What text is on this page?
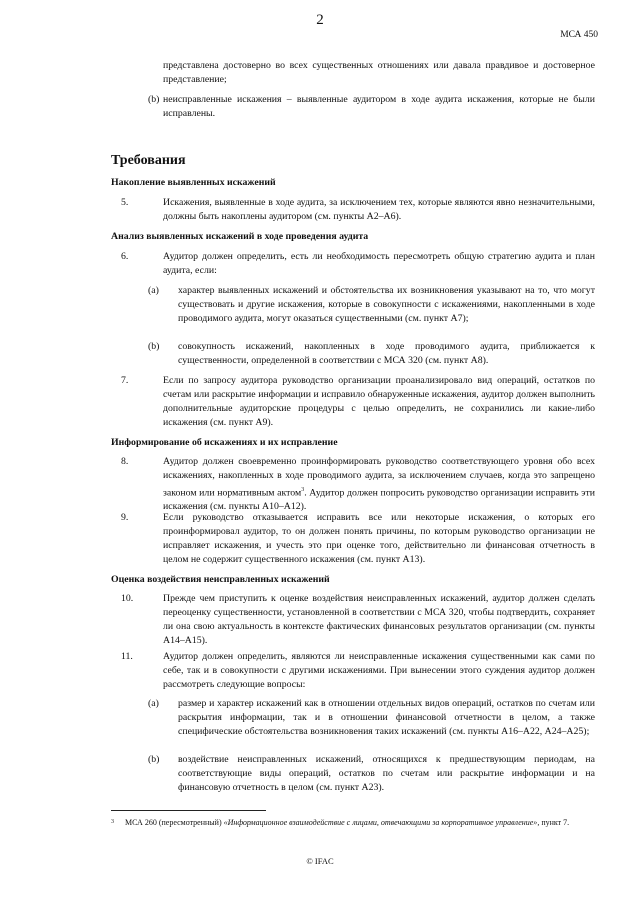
2
МСА 450
представлена достоверно во всех существенных отношениях или давала правдивое и достоверное представление;
(b) неисправленные искажения – выявленные аудитором в ходе аудита искажения, которые не были исправлены.
Требования
Накопление выявленных искажений
5.	Искажения, выявленные в ходе аудита, за исключением тех, которые являются явно незначительными, должны быть накоплены аудитором (см. пункты А2–А6).
Анализ выявленных искажений в ходе проведения аудита
6.	Аудитор должен определить, есть ли необходимость пересмотреть общую стратегию аудита и план аудита, если:
(a) характер выявленных искажений и обстоятельства их возникновения указывают на то, что могут существовать и другие искажения, которые в совокупности с искажениями, накопленными в ходе проводимого аудита, могут оказаться существенными (см. пункт А7);
(b) совокупность искажений, накопленных в ходе проводимого аудита, приближается к существенности, определенной в соответствии с МСА 320 (см. пункт А8).
7.	Если по запросу аудитора руководство организации проанализировало вид операций, остатков по счетам или раскрытие информации и исправило обнаруженные искажения, аудитор должен выполнить дополнительные аудиторские процедуры с целью определить, не сохранились ли какие-либо искажения (см. пункт А9).
Информирование об искажениях и их исправление
8.	Аудитор должен своевременно проинформировать руководство соответствующего уровня обо всех искажениях, накопленных в ходе проводимого аудита, за исключением случаев, когда это запрещено законом или нормативным актом$^3$. Аудитор должен попросить руководство организации исправить эти искажения (см. пункты А10–А12).
9.	Если руководство отказывается исправить все или некоторые искажения, о которых его проинформировал аудитор, то он должен понять причины, по которым руководство организации не исправляет искажения, и учесть это при оценке того, действительно ли финансовая отчетность в целом не содержит существенного искажения (см. пункт А13).
Оценка воздействия неисправленных искажений
10.	Прежде чем приступить к оценке воздействия неисправленных искажений, аудитор должен сделать переоценку существенности, установленной в соответствии с МСА 320, чтобы подтвердить, сохраняет ли она свою актуальность в контексте фактических финансовых результатов организации (см. пункты А14–А15).
11.	Аудитор должен определить, являются ли неисправленные искажения существенными как сами по себе, так и в совокупности с другими искажениями. При вынесении этого суждения аудитор должен рассмотреть следующие вопросы:
(a) размер и характер искажений как в отношении отдельных видов операций, остатков по счетам или раскрытия информации, так и в отношении финансовой отчетности в целом, а также специфические обстоятельства возникновения таких искажений (см. пункты А16–А22, А24–А25);
(b) воздействие неисправленных искажений, относящихся к предшествующим периодам, на соответствующие виды операций, остатков по счетам или раскрытие информации и на финансовую отчетность в целом (см. пункт А23).
$^3$ МСА 260 (пересмотренный) «Информационное взаимодействие с лицами, отвечающими за корпоративное управление», пункт 7.
© IFAC
